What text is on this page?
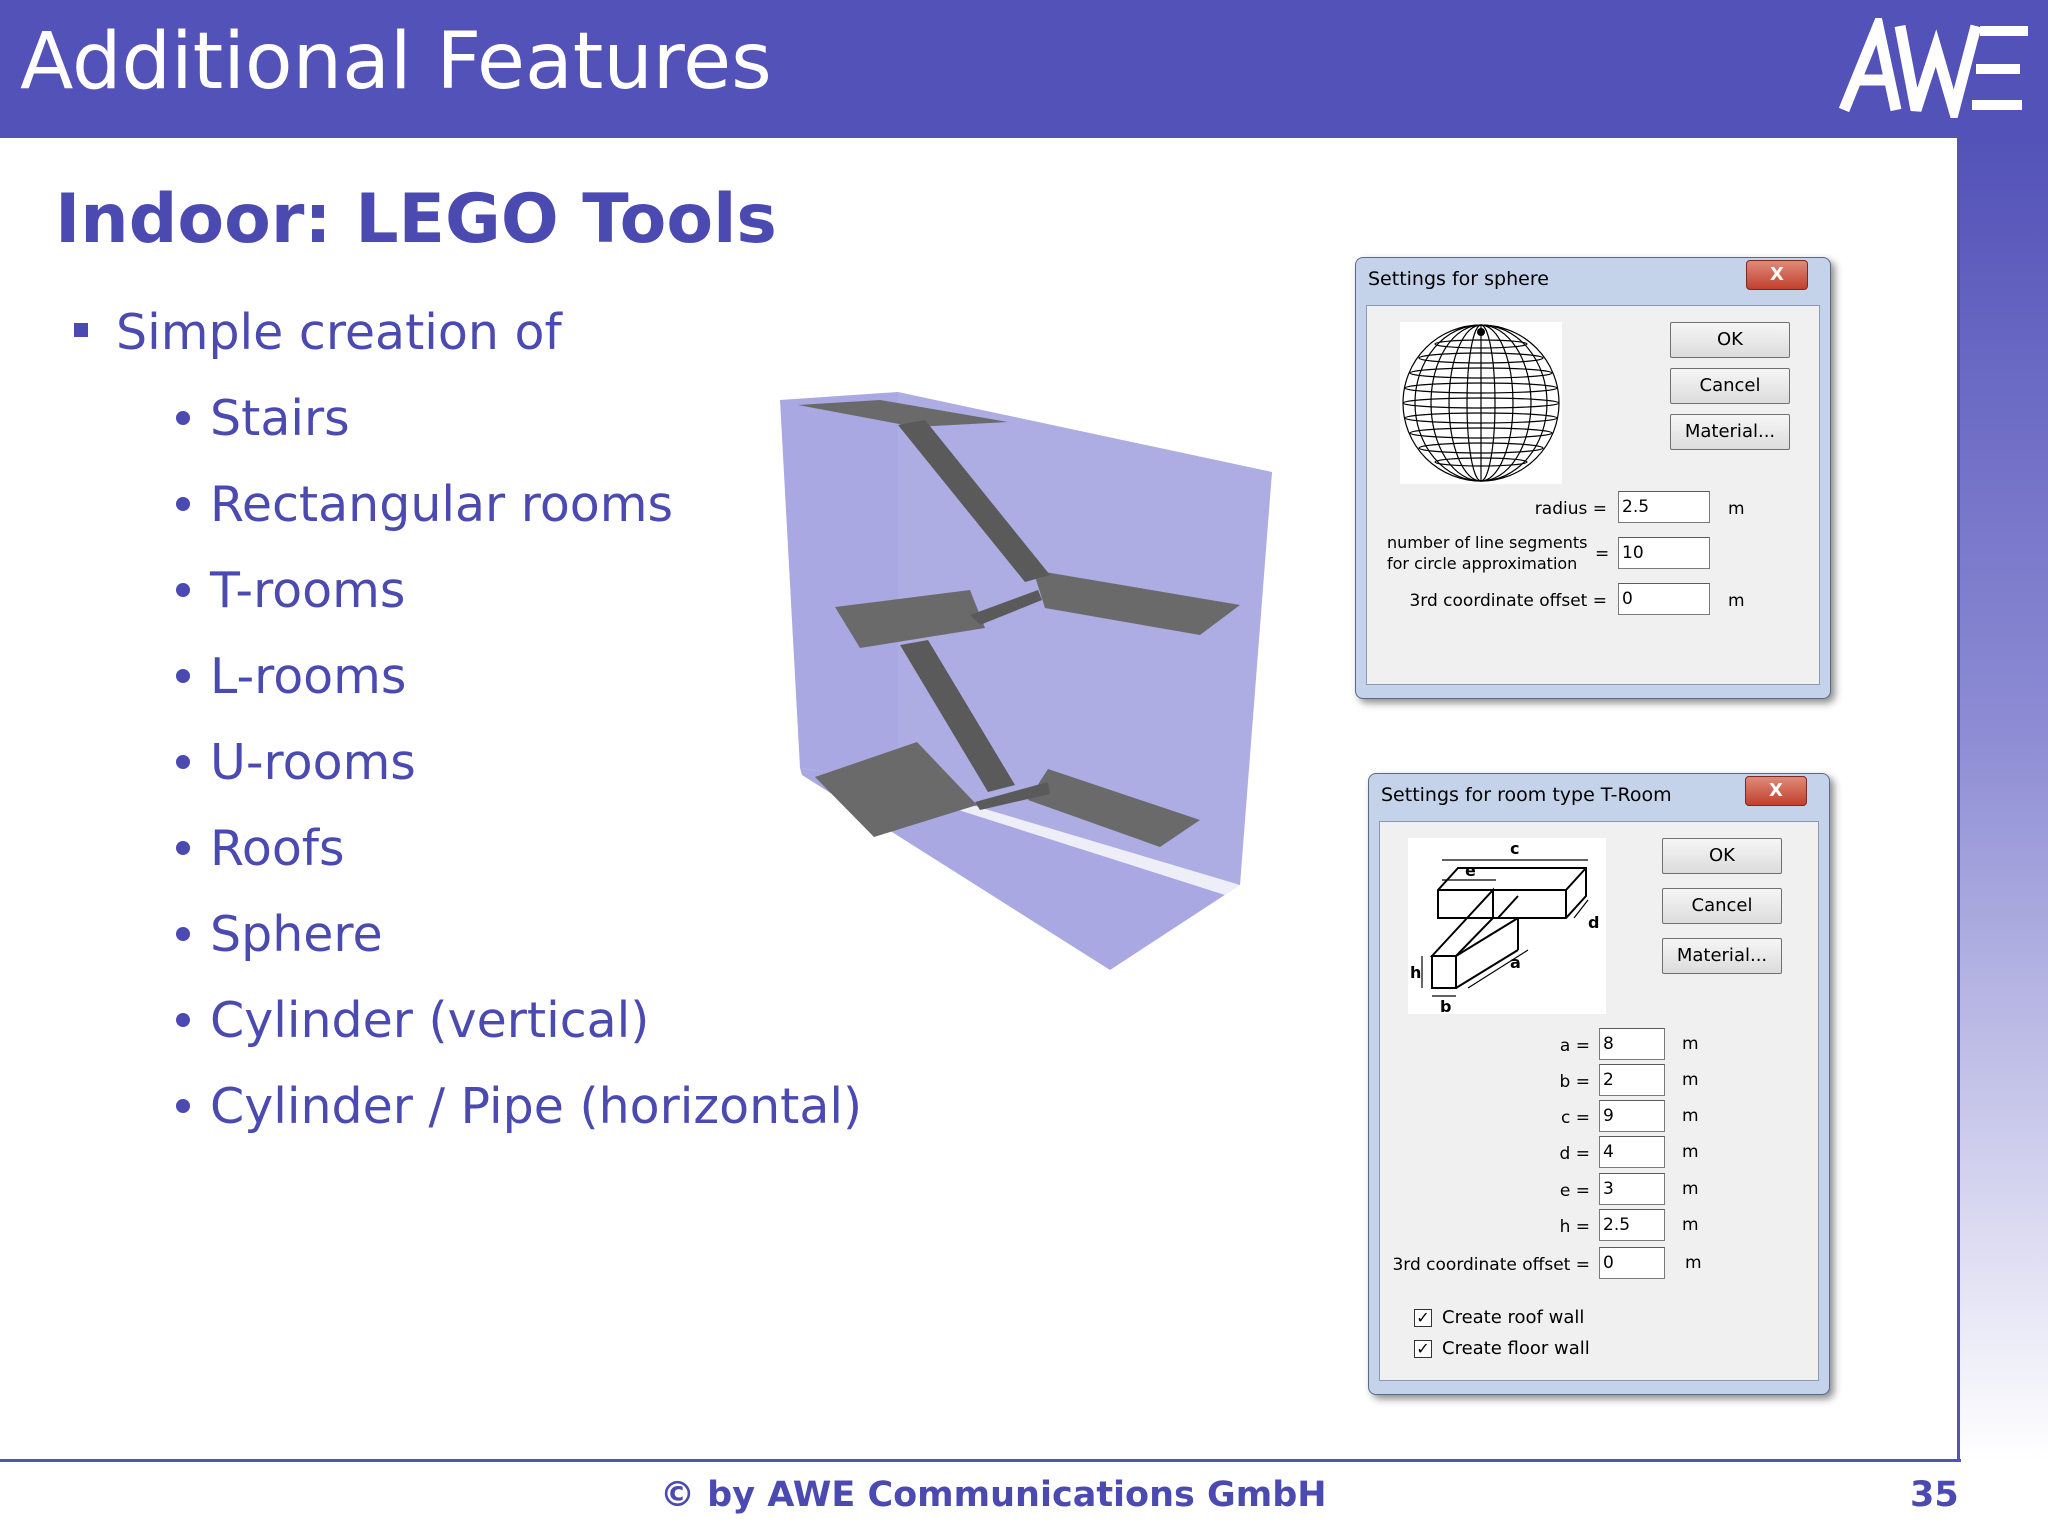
Additional Features
Indoor: LEGO Tools
Simple creation of
Stairs
Rectangular rooms
T-rooms
L-rooms
U-rooms
Roofs
Sphere
Cylinder (vertical)
Cylinder / Pipe (horizontal)
Settings for sphere	X
OK
Cancel
Material...
radius = 2.5	m
number of line segments
for circle approximation = 10
3rd coordinate offset = 0	m
Settings for room type T-Room	X
c
e
d
a
h
b
OK
Cancel
Material...
a = 8	m
b = 2	m
c = 9	m
d = 4	m
e = 3	m
h = 2.5	m
3rd coordinate offset = 0	m
✓ Create roof wall
✓ Create floor wall
© by AWE Communications GmbH	35
